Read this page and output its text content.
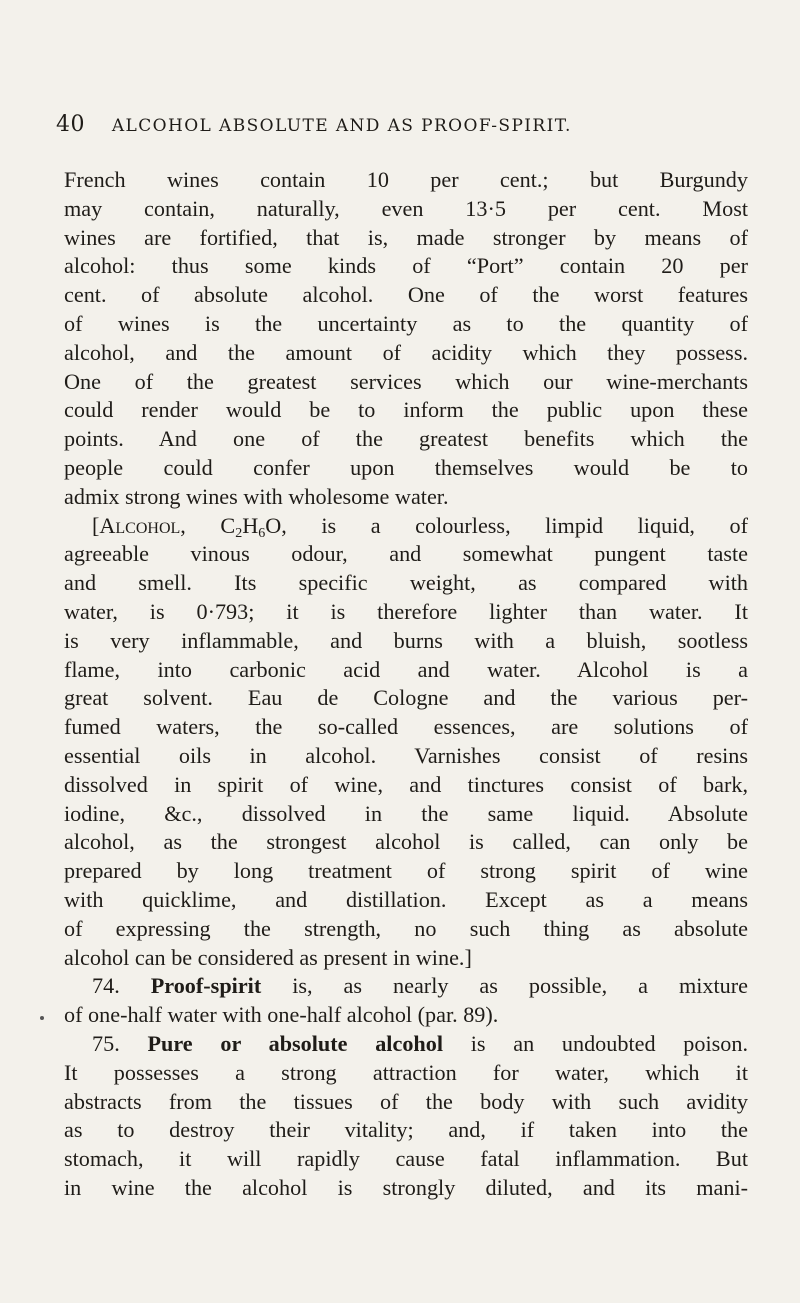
40 ALCOHOL ABSOLUTE AND AS PROOF-SPIRIT.
French wines contain 10 per cent.; but Burgundy
may contain, naturally, even 13·5 per cent. Most
wines are fortified, that is, made stronger by means of
alcohol: thus some kinds of “Port” contain 20 per
cent. of absolute alcohol. One of the worst features
of wines is the uncertainty as to the quantity of
alcohol, and the amount of acidity which they possess.
One of the greatest services which our wine-merchants
could render would be to inform the public upon these
points. And one of the greatest benefits which the
people could confer upon themselves would be to
admix strong wines with wholesome water.
[Alcohol, $C_2H_6O$, is a colourless, limpid liquid, of
agreeable vinous odour, and somewhat pungent taste
and smell. Its specific weight, as compared with
water, is 0·793; it is therefore lighter than water. It
is very inflammable, and burns with a bluish, sootless
flame, into carbonic acid and water. Alcohol is a
great solvent. Eau de Cologne and the various per-
fumed waters, the so-called essences, are solutions of
essential oils in alcohol. Varnishes consist of resins
dissolved in spirit of wine, and tinctures consist of bark,
iodine, &c., dissolved in the same liquid. Absolute
alcohol, as the strongest alcohol is called, can only be
prepared by long treatment of strong spirit of wine
with quicklime, and distillation. Except as a means
of expressing the strength, no such thing as absolute
alcohol can be considered as present in wine.]
74. Proof-spirit is, as nearly as possible, a mixture
of one-half water with one-half alcohol (par. 89).
75. Pure or absolute alcohol is an undoubted poison.
It possesses a strong attraction for water, which it
abstracts from the tissues of the body with such avidity
as to destroy their vitality; and, if taken into the
stomach, it will rapidly cause fatal inflammation. But
in wine the alcohol is strongly diluted, and its mani-
